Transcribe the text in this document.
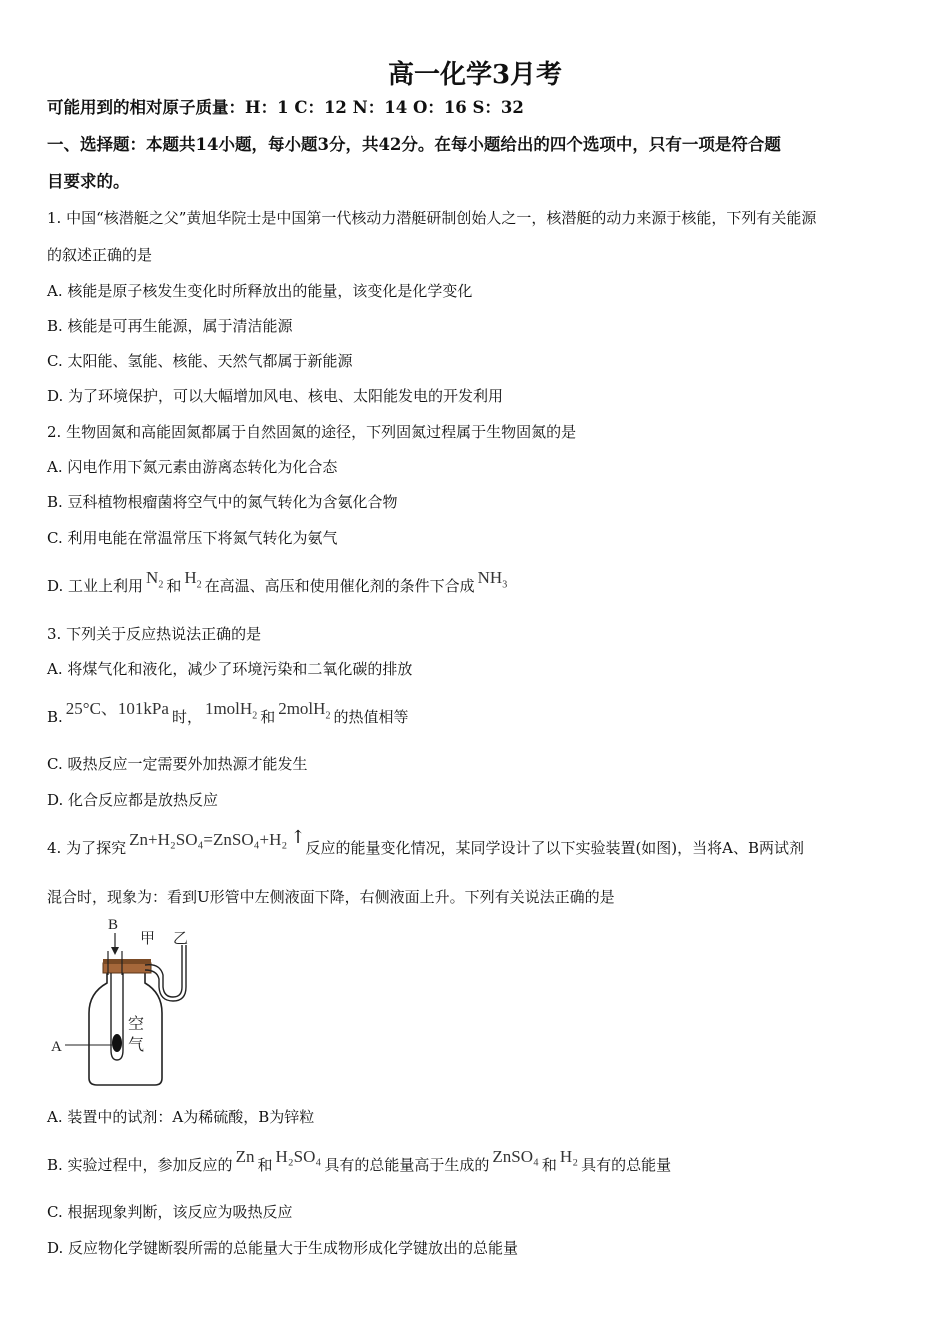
高一化学3月考
可能用到的相对原子质量：H：1 C：12 N：14 O：16 S：32
一、选择题：本题共14小题，每小题3分，共42分。在每小题给出的四个选项中，只有一项是符合题
目要求的。
1. 中国“核潜艇之父”黄旭华院士是中国第一代核动力潜艇研制创始人之一，核潜艇的动力来源于核能，下列有关能源
的叙述正确的是
A. 核能是原子核发生变化时所释放出的能量，该变化是化学变化
B. 核能是可再生能源，属于清洁能源
C. 太阳能、氢能、核能、天然气都属于新能源
D. 为了环境保护，可以大幅增加风电、核电、太阳能发电的开发利用
2. 生物固氮和高能固氮都属于自然固氮的途径，下列固氮过程属于生物固氮的是
A. 闪电作用下氮元素由游离态转化为化合态
B. 豆科植物根瘤菌将空气中的氮气转化为含氨化合物
C. 利用电能在常温常压下将氮气转化为氨气
D. 工业上利用 $N_2$ 和 $H_2$ 在高温、高压和使用催化剂的条件下合成 $NH_3$
3. 下列关于反应热说法正确的是
A. 将煤气化和液化，减少了环境污染和二氧化碳的排放
B. 25°C、101kPa 时， 1molH$_2$ 和 2molH$_2$ 的热值相等
C. 吸热反应一定需要外加热源才能发生
D. 化合反应都是放热反应
4. 为了探究 Zn+H₂SO₄=ZnSO₄+H₂ ↑反应的能量变化情况，某同学设计了以下实验装置(如图)，当将A、B两试剂
混合时，现象为：看到U形管中左侧液面下降，右侧液面上升。下列有关说法正确的是
B
甲 乙
A
空
气
A. 装置中的试剂：A为稀硫酸，B为锌粒
B. 实验过程中，参加反应的 Zn 和 H₂SO₄ 具有的总能量高于生成的 ZnSO₄ 和 H₂ 具有的总能量
C. 根据现象判断，该反应为吸热反应
D. 反应物化学键断裂所需的总能量大于生成物形成化学键放出的总能量
